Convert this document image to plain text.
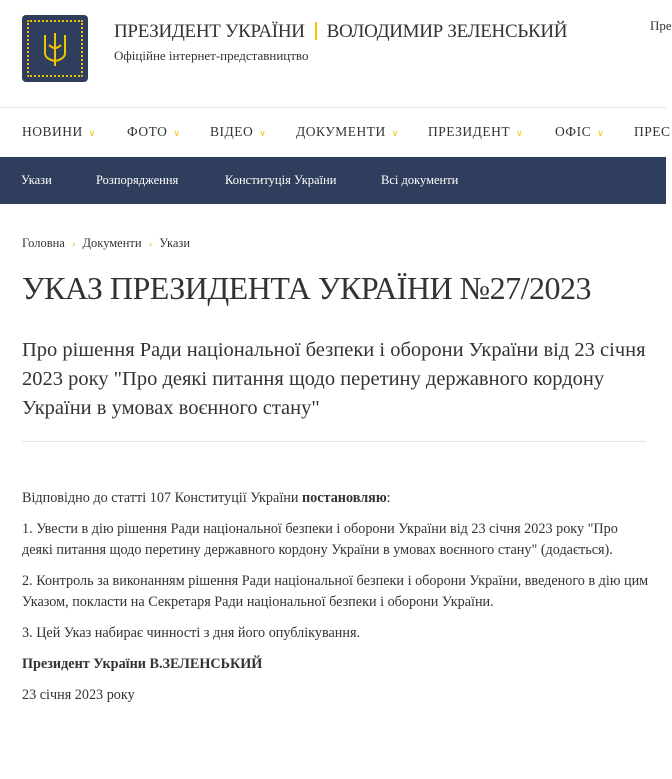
ПРЕЗИДЕНТ УКРАЇНИ ВОЛОДИМИР ЗЕЛЕНСЬКИЙ
Офіційне інтернет-представництво
Пре
НОВИНИ ∨ ФОТО ∨ ВІДЕО ∨ ДОКУМЕНТИ ∨ ПРЕЗИДЕНТ ∨ ОФІС ∨ ПРЕС
Укази	Розпорядження	Конституція України	Всі документи
Головна › Документи › Укази
УКАЗ ПРЕЗИДЕНТА УКРАЇНИ №27/2023
Про рішення Ради національної безпеки і оборони України від 23 січня 2023 року "Про деякі питання щодо перетину державного кордону України в умовах воєнного стану"

Відповідно до статті 107 Конституції України постановляю:

1. Увести в дію рішення Ради національної безпеки і оборони України від 23 січня 2023 року "Про деякі питання щодо перетину державного кордону України в умовах воєнного стану" (додається).

2. Контроль за виконанням рішення Ради національної безпеки і оборони України, введеного в дію цим Указом, покласти на Секретаря Ради національної безпеки і оборони України.

3. Цей Указ набирає чинності з дня його опублікування.

Президент України В.ЗЕЛЕНСЬКИЙ

23 січня 2023 року
